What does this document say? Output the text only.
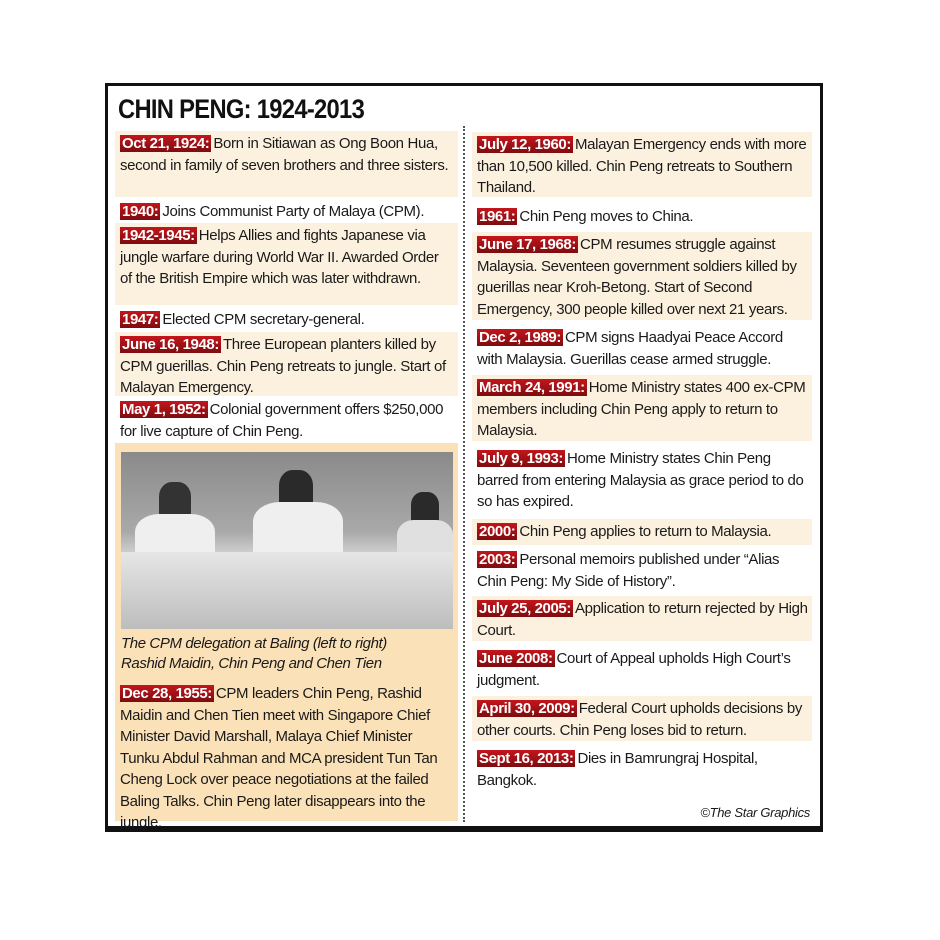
CHIN PENG: 1924-2013
Oct 21, 1924: Born in Sitiawan as Ong Boon Hua, second in family of seven brothers and three sisters.
1940: Joins Communist Party of Malaya (CPM).
1942-1945: Helps Allies and fights Japanese via jungle warfare during World War II. Awarded Order of the British Empire which was later withdrawn.
1947: Elected CPM secretary-general.
June 16, 1948: Three European planters killed by CPM guerillas. Chin Peng retreats to jungle. Start of Malayan Emergency.
May 1, 1952: Colonial government offers $250,000 for live capture of Chin Peng.
The CPM delegation at Baling (left to right) Rashid Maidin, Chin Peng and Chen Tien
Dec 28, 1955: CPM leaders Chin Peng, Rashid Maidin and Chen Tien meet with Singapore Chief Minister David Marshall, Malaya Chief Minister Tunku Abdul Rahman and MCA president Tun Tan Cheng Lock over peace negotiations at the failed Baling Talks. Chin Peng later disappears into the jungle.
July 12, 1960: Malayan Emergency ends with more than 10,500 killed. Chin Peng retreats to Southern Thailand.
1961: Chin Peng moves to China.
June 17, 1968: CPM resumes struggle against Malaysia. Seventeen government soldiers killed by guerillas near Kroh-Betong. Start of Second Emergency, 300 people killed over next 21 years.
Dec 2, 1989: CPM signs Haadyai Peace Accord with Malaysia. Guerillas cease armed struggle.
March 24, 1991: Home Ministry states 400 ex-CPM members including Chin Peng apply to return to Malaysia.
July 9, 1993: Home Ministry states Chin Peng barred from entering Malaysia as grace period to do so has expired.
2000: Chin Peng applies to return to Malaysia.
2003: Personal memoirs published under “Alias Chin Peng: My Side of History”.
July 25, 2005: Application to return rejected by High Court.
June 2008: Court of Appeal upholds High Court’s judgment.
April 30, 2009: Federal Court upholds decisions by other courts. Chin Peng loses bid to return.
Sept 16, 2013: Dies in Bamrungraj Hospital, Bangkok.
©The Star Graphics
